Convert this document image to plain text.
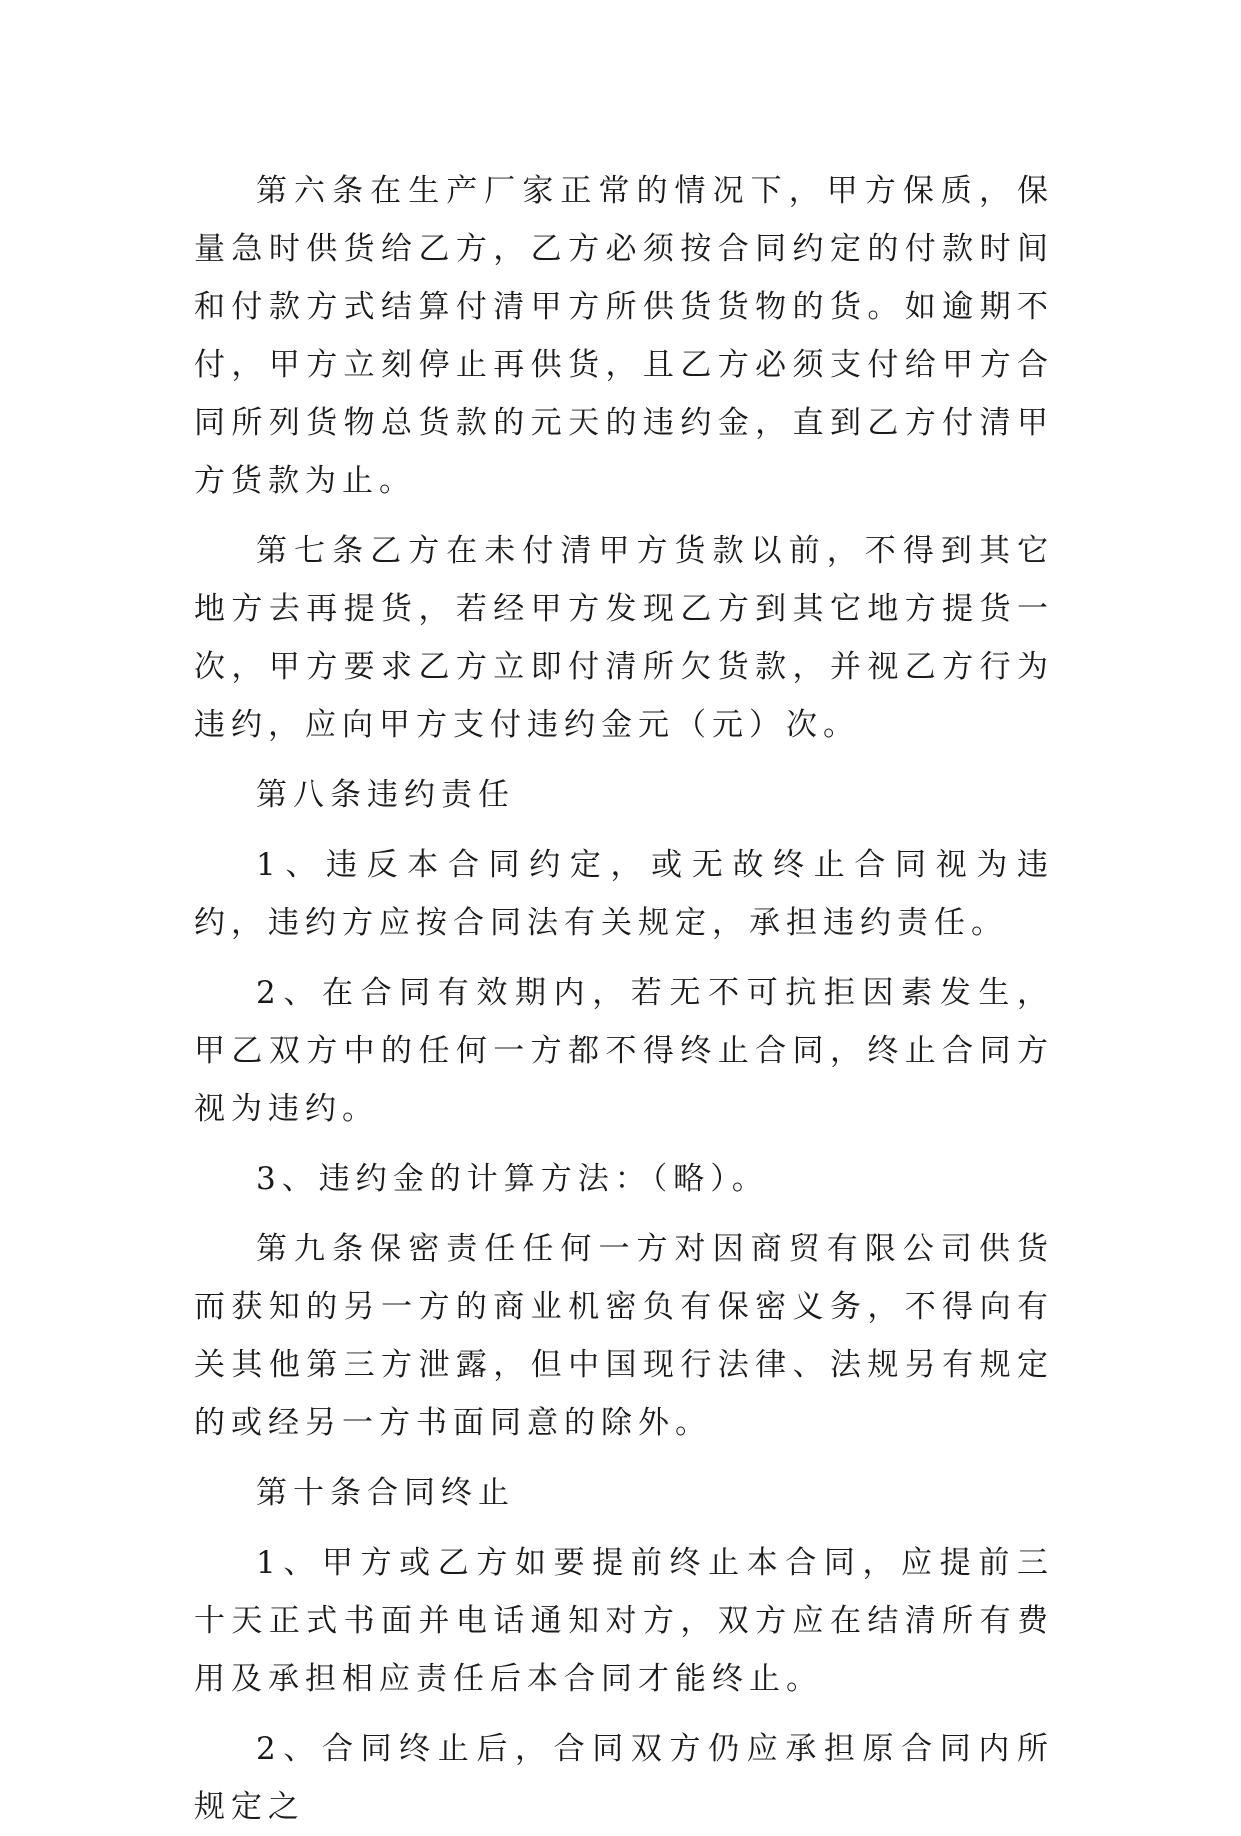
第六条在生产厂家正常的情况下，甲方保质，保量急时供货给乙方，乙方必须按合同约定的付款时间和付款方式结算付清甲方所供货货物的货。如逾期不付，甲方立刻停止再供货，且乙方必须支付给甲方合同所列货物总货款的元天的违约金，直到乙方付清甲方货款为止。

第七条乙方在未付清甲方货款以前，不得到其它地方去再提货，若经甲方发现乙方到其它地方提货一次，甲方要求乙方立即付清所欠货款，并视乙方行为违约，应向甲方支付违约金元（元）次。

第八条违约责任

1、违反本合同约定，或无故终止合同视为违约，违约方应按合同法有关规定，承担违约责任。

2、在合同有效期内，若无不可抗拒因素发生，甲乙双方中的任何一方都不得终止合同，终止合同方视为违约。

3、违约金的计算方法：（略）。

第九条保密责任任何一方对因商贸有限公司供货而获知的另一方的商业机密负有保密义务，不得向有关其他第三方泄露，但中国现行法律、法规另有规定的或经另一方书面同意的除外。

第十条合同终止

1、甲方或乙方如要提前终止本合同，应提前三十天正式书面并电话通知对方，双方应在结清所有费用及承担相应责任后本合同才能终止。

2、合同终止后，合同双方仍应承担原合同内所规定之
